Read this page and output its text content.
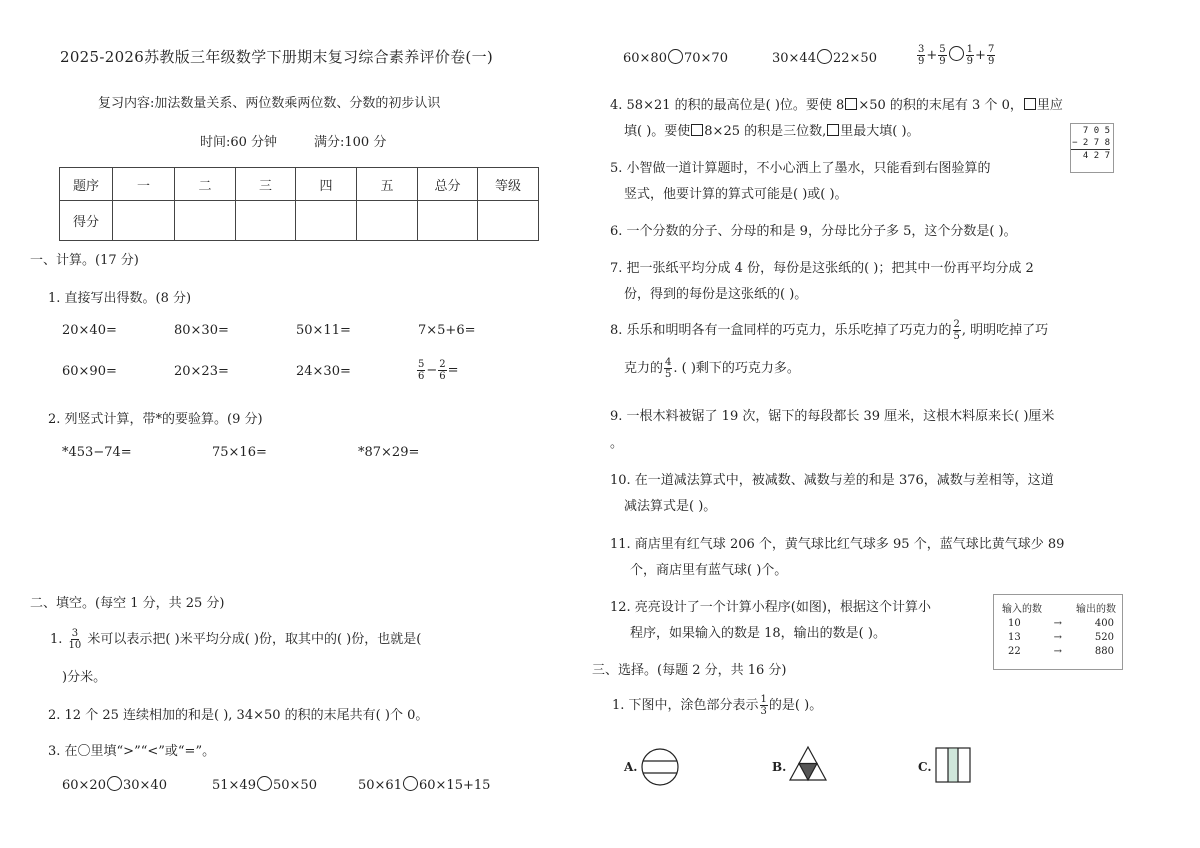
2025-2026苏教版三年级数学下册期末复习综合素养评价卷(一)
复习内容:加法数量关系、两位数乘两位数、分数的初步认识
时间:60 分钟	满分:100 分
题序	一	二	三	四	五	总分	等级
得分							
一、计算。(17 分)
1. 直接写出得数。(8 分)
20×40=	80×30=	50×11=	7×5+6=
60×90=	20×23=	24×30=	$\frac{5}{6} - \frac{2}{6}$ =
2. 列竖式计算，带*的要验算。(9 分)
*453−74=	75×16=	*87×29=
二、填空。(每空 1 分，共 25 分)
1. $\frac{3}{10}$ 米可以表示把( )米平均分成( )份，取其中的( )份，也就是(
)分米。
2. 12 个 25 连续相加的和是( ), 34×50 的积的末尾共有( )个 0。
3. 在〇里填“>”“<”或“=”。
60×20 30×40	51×49 50×50	50×61 60×15+15
60×80 70×70	30×44 22×50	$\frac{3}{9} + \frac{5}{9} \frac{1}{9} + \frac{7}{9}$
4. 58×21 的积的最高位是( )位。要使 8 ×50 的积的末尾有 3 个 0， 里应
填( )。要使 8×25 的积是三位数, 里最大填( )。	7 0 5
− 2 7 8
4 2 7
5. 小智做一道计算题时，不小心洒上了墨水，只能看到右图验算的
竖式，他要计算的算式可能是( )或( )。
6. 一个分数的分子、分母的和是 9，分母比分子多 5，这个分数是( )。
7. 把一张纸平均分成 4 份，每份是这张纸的( )；把其中一份再平均分成 2
份，得到的每份是这张纸的( )。
8. 乐乐和明明各有一盒同样的巧克力，乐乐吃掉了巧克力的 $\frac{2}{5}$ , 明明吃掉了巧
克力的 $\frac{4}{5}$ . ( )剩下的巧克力多。
9. 一根木料被锯了 19 次，锯下的每段都长 39 厘米，这根木料原来长( )厘米
。
10. 在一道减法算式中，被减数、减数与差的和是 376，减数与差相等，这道
减法算式是( )。
11. 商店里有红气球 206 个，黄气球比红气球多 95 个，蓝气球比黄气球少 89
个，商店里有蓝气球( )个。
12. 亮亮设计了一个计算小程序(如图)，根据这个计算小
程序，如果输入的数是 18，输出的数是( )。
输入的数	输出的数
10	→	400
13	→	520
22	→	880
三、选择。(每题 2 分，共 16 分)
1. 下图中，涂色部分表示 $\frac{1}{3}$ 的是( )。
A.	B.	C.
